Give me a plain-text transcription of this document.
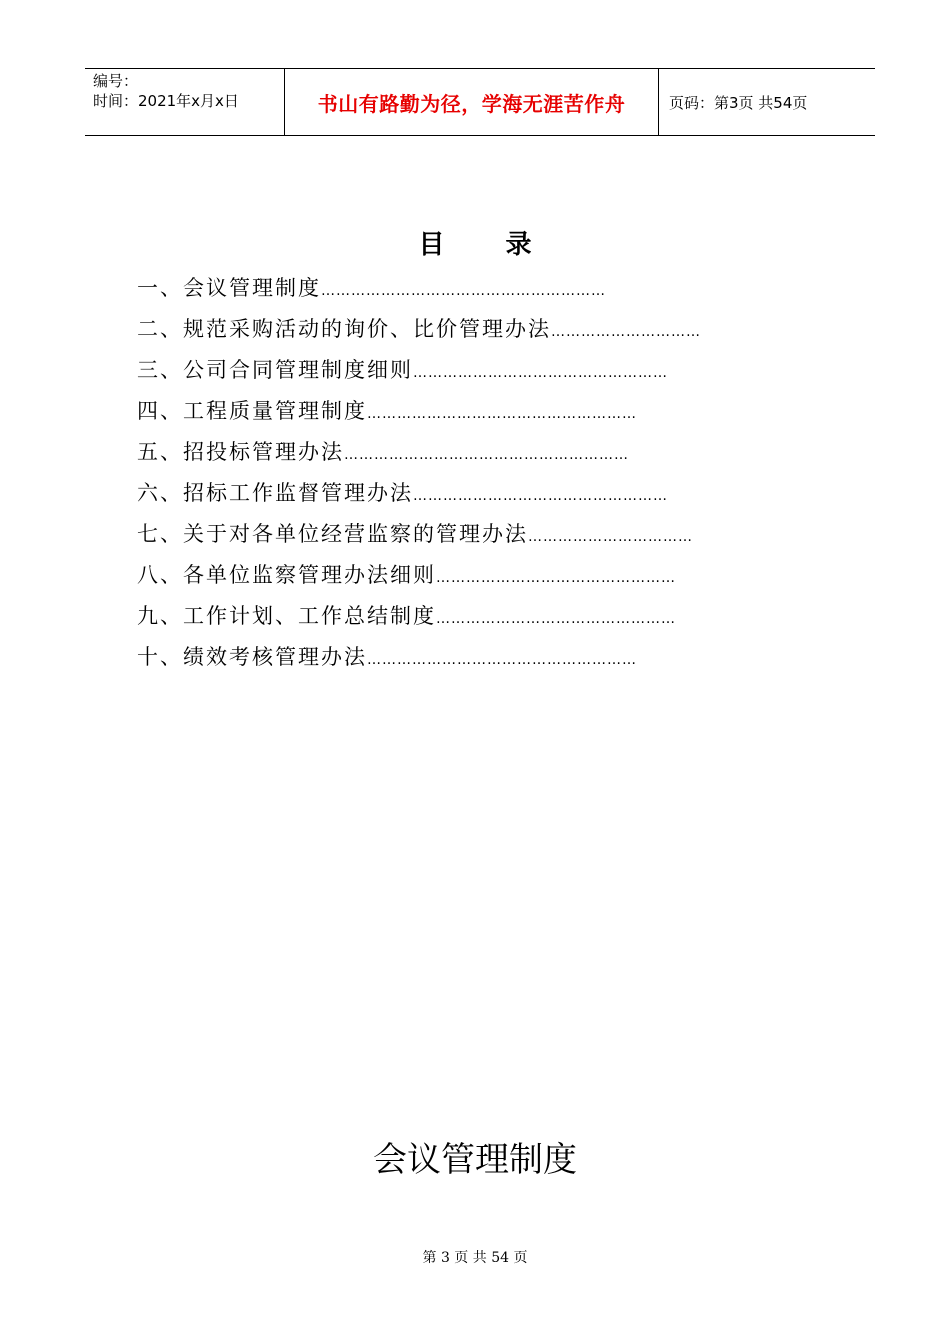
编号：
时间：2021年x月x日	书山有路勤为径，学海无涯苦作舟	页码：第3页 共54页
目 录
一、会议管理制度 …………………………………………………
二、规范采购活动的询价、比价管理办法 …………………………
三、公司合同管理制度细则 ……………………………………………
四、工程质量管理制度 ………………………………………………
五、招投标管理办法 …………………………………………………
六、招标工作监督管理办法 ……………………………………………
七、关于对各单位经营监察的管理办法 ……………………………
八、各单位监察管理办法细则 …………………………………………
九、工作计划、工作总结制度 …………………………………………
十、绩效考核管理办法 ………………………………………………
会议管理制度
第 3 页 共 54 页
